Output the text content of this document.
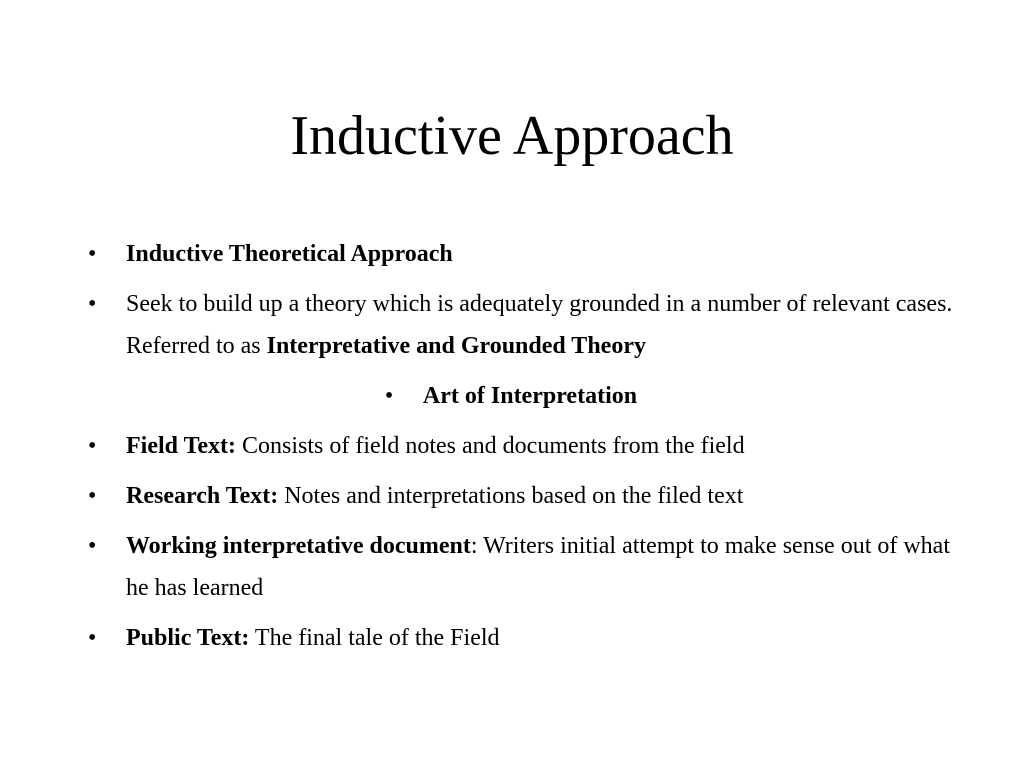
Inductive Approach
• Inductive Theoretical Approach
• Seek to build up a theory which is adequately grounded in a number of relevant cases. Referred to as Interpretative and Grounded Theory
• Art of Interpretation
• Field Text: Consists of field notes and documents from the field
• Research Text: Notes and interpretations based on the filed text
• Working interpretative document: Writers initial attempt to make sense out of what he has learned
• Public Text: The final tale of the Field
